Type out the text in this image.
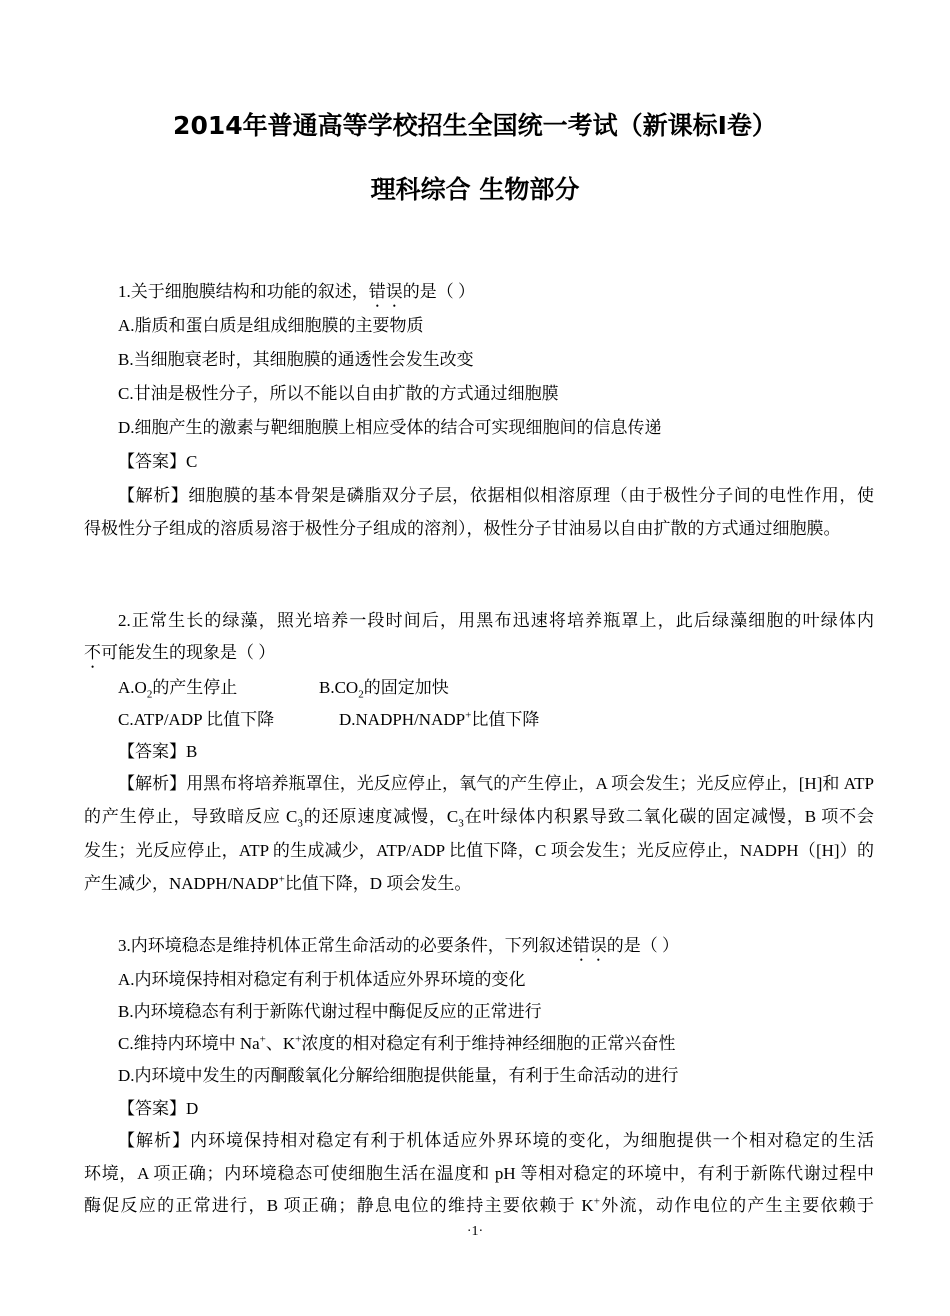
2014年普通高等学校招生全国统一考试（新课标Ⅰ卷）
理科综合 生物部分
1.关于细胞膜结构和功能的叙述，错误的是（ ）
A.脂质和蛋白质是组成细胞膜的主要物质
B.当细胞衰老时，其细胞膜的通透性会发生改变
C.甘油是极性分子，所以不能以自由扩散的方式通过细胞膜
D.细胞产生的激素与靶细胞膜上相应受体的结合可实现细胞间的信息传递
【答案】C
【解析】细胞膜的基本骨架是磷脂双分子层，依据相似相溶原理（由于极性分子间的电性作用，使
得极性分子组成的溶质易溶于极性分子组成的溶剂），极性分子甘油易以自由扩散的方式通过细胞膜。
2.正常生长的绿藻，照光培养一段时间后，用黑布迅速将培养瓶罩上，此后绿藻细胞的叶绿体内
不可能发生的现象是（ ）
$A.O_2$的产生停止	$B.CO_2$的固定加快
C.ATP/ADP 比值下降	D.NADPH/NADP+比值下降
【答案】B
【解析】用黑布将培养瓶罩住，光反应停止，氧气的产生停止，A 项会发生；光反应停止，[H]和 ATP
的产生停止，导致暗反应 $C_3$的还原速度减慢，$C_3$在叶绿体内积累导致二氧化碳的固定减慢，B 项不会
发生；光反应停止，ATP 的生成减少，ATP/ADP 比值下降，C 项会发生；光反应停止，NADPH（[H]）的
产生减少，NADPH/NADP+比值下降，D 项会发生。
3.内环境稳态是维持机体正常生命活动的必要条件，下列叙述错误的是（ ）
A.内环境保持相对稳定有利于机体适应外界环境的变化
B.内环境稳态有利于新陈代谢过程中酶促反应的正常进行
C.维持内环境中 Na+、K+浓度的相对稳定有利于维持神经细胞的正常兴奋性
D.内环境中发生的丙酮酸氧化分解给细胞提供能量，有利于生命活动的进行
【答案】D
【解析】内环境保持相对稳定有利于机体适应外界环境的变化，为细胞提供一个相对稳定的生活
环境，A 项正确；内环境稳态可使细胞生活在温度和 pH 等相对稳定的环境中，有利于新陈代谢过程中
酶促反应的正常进行，B 项正确；静息电位的维持主要依赖于 K+外流，动作电位的产生主要依赖于
·1·
